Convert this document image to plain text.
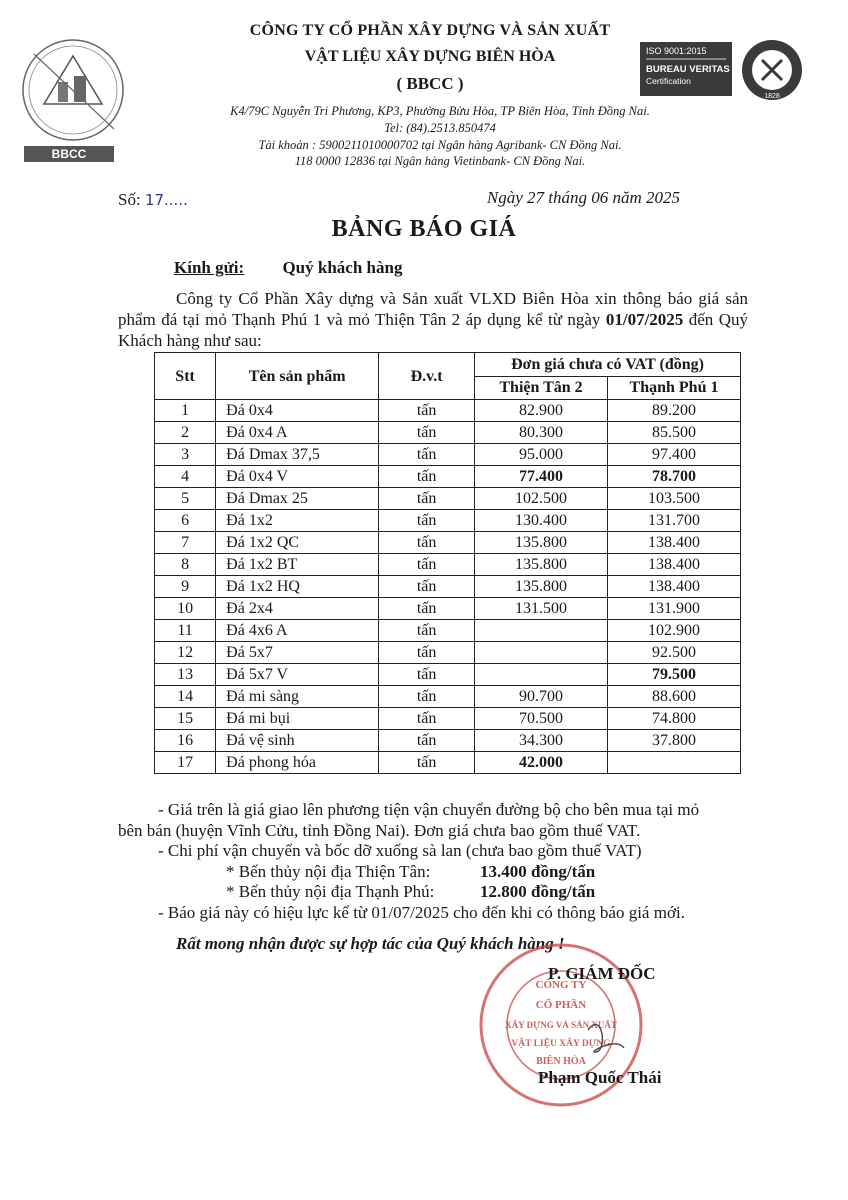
BBCC
CÔNG TY CỔ PHẦN XÂY DỰNG VÀ SẢN XUẤT
VẬT LIỆU XÂY DỰNG BIÊN HÒA
( BBCC )
K4/79C Nguyễn Tri Phương, KP3, Phường Bửu Hòa, TP Biên Hòa, Tỉnh Đồng Nai.
Tel: (84).2513.850474
Tài khoản : 5900211010000702 tại Ngân hàng Agribank- CN Đồng Nai.
118 0000 12836 tại Ngân hàng Vietinbank- CN Đồng Nai.
ISO 9001:2015
BUREAU VERITAS
Certification
1828
Số: 17.....	Ngày 27 tháng 06 năm 2025
BẢNG BÁO GIÁ
Kính gửi: Quý khách hàng

Công ty Cổ Phần Xây dựng và Sản xuất VLXD Biên Hòa xin thông báo giá sản phẩm đá tại mỏ Thạnh Phú 1 và mỏ Thiện Tân 2 áp dụng kể từ ngày 01/07/2025 đến Quý Khách hàng như sau:

Stt	Tên sản phẩm	Đ.v.t	Đơn giá chưa có VAT (đồng)	
			Thiện Tân 2	Thạnh Phú 1
1	Đá 0x4	tấn	82.900	89.200
2	Đá 0x4 A	tấn	80.300	85.500
3	Đá Dmax 37,5	tấn	95.000	97.400
4	Đá 0x4 V	tấn	77.400	78.700
5	Đá Dmax 25	tấn	102.500	103.500
6	Đá 1x2	tấn	130.400	131.700
7	Đá 1x2 QC	tấn	135.800	138.400
8	Đá 1x2 BT	tấn	135.800	138.400
9	Đá 1x2 HQ	tấn	135.800	138.400
10	Đá 2x4	tấn	131.500	131.900
11	Đá 4x6 A	tấn		102.900
12	Đá 5x7	tấn		92.500
13	Đá 5x7 V	tấn		79.500
14	Đá mi sàng	tấn	90.700	88.600
15	Đá mi bụi	tấn	70.500	74.800
16	Đá vệ sinh	tấn	34.300	37.800
17	Đá phong hóa	tấn	42.000	

- Giá trên là giá giao lên phương tiện vận chuyển đường bộ cho bên mua tại mỏ

bên bán (huyện Vĩnh Cửu, tỉnh Đồng Nai). Đơn giá chưa bao gồm thuế VAT.

- Chi phí vận chuyển và bốc dỡ xuống sà lan (chưa bao gồm thuế VAT)

* Bến thủy nội địa Thiện Tân:	13.400 đồng/tấn

* Bến thủy nội địa Thạnh Phú:	12.800 đồng/tấn

- Báo giá này có hiệu lực kể từ 01/07/2025 cho đến khi có thông báo giá mới.

Rất mong nhận được sự hợp tác của Quý khách hàng !
CÔNG TY
CỔ PHẦN
XÂY DỰNG VÀ SẢN XUẤT
VẬT LIỆU XÂY DỰNG
BIÊN HÒA
P. GIÁM ĐỐC
Phạm Quốc Thái
